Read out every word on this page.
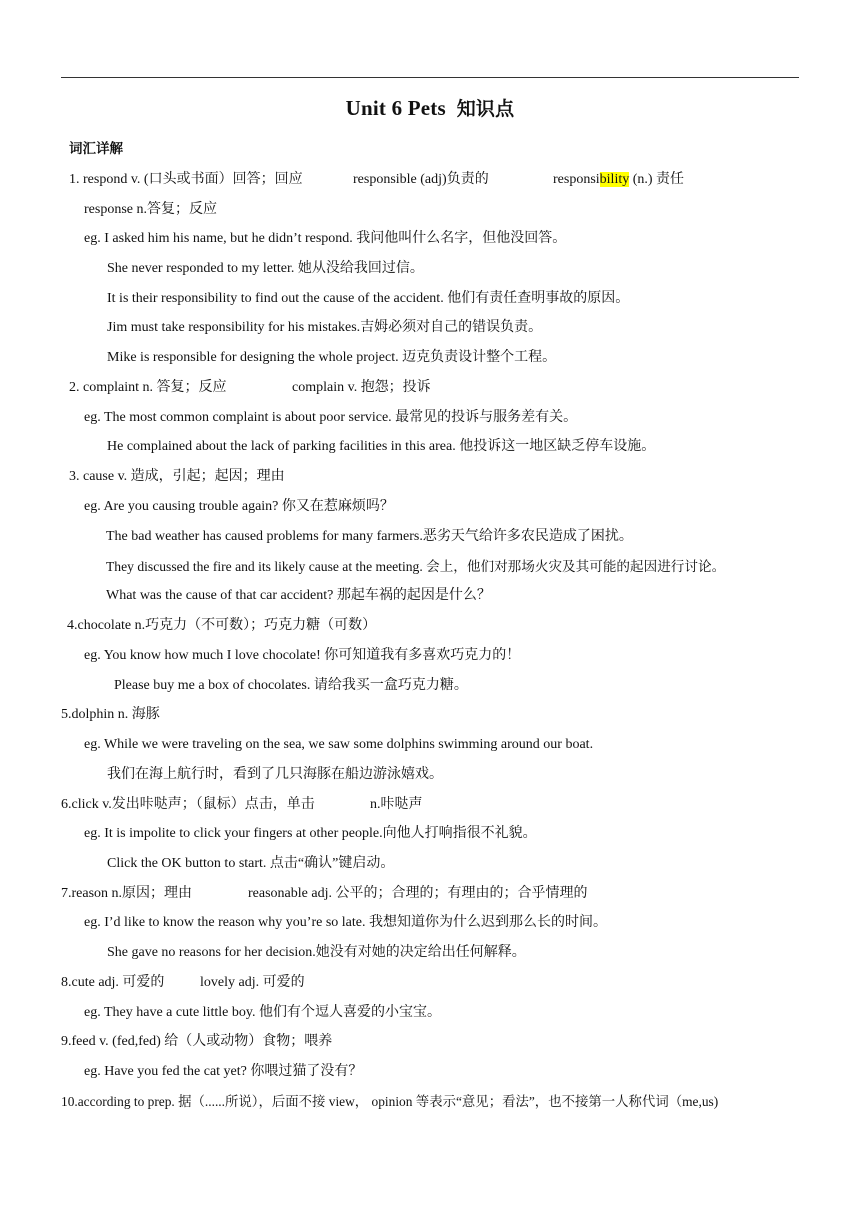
Unit 6 Pets 知识点
词汇详解
1. respond v. (口头或书面）回答；回应	responsible (adj)负责的	responsibility (n.) 责任
response n.答复；反应
eg. I asked him his name, but he didn’t respond. 我问他叫什么名字，但他没回答。
She never responded to my letter. 她从没给我回过信。
It is their responsibility to find out the cause of the accident. 他们有责任查明事故的原因。
Jim must take responsibility for his mistakes.吉姆必须对自己的错误负责。
Mike is responsible for designing the whole project. 迈克负责设计整个工程。
2. complaint n. 答复；反应	complain v. 抱怨；投诉
eg. The most common complaint is about poor service. 最常见的投诉与服务差有关。
He complained about the lack of parking facilities in this area. 他投诉这一地区缺乏停车设施。
3. cause v. 造成，引起；起因；理由
eg. Are you causing trouble again? 你又在惹麻烦吗？
The bad weather has caused problems for many farmers.恶劣天气给许多农民造成了困扰。
They discussed the fire and its likely cause at the meeting. 会上，他们对那场火灾及其可能的起因进行讨论。
What was the cause of that car accident? 那起车祸的起因是什么？
4.chocolate n.巧克力（不可数）；巧克力糖（可数）
eg. You know how much I love chocolate! 你可知道我有多喜欢巧克力的！
Please buy me a box of chocolates. 请给我买一盒巧克力糖。
5.dolphin n. 海豚
eg. While we were traveling on the sea, we saw some dolphins swimming around our boat.
我们在海上航行时，看到了几只海豚在船边游泳嬉戏。
6.click v.发出咔哒声；（鼠标）点击，单击	n.咔哒声
eg. It is impolite to click your fingers at other people.向他人打响指很不礼貌。
Click the OK button to start. 点击“确认”键启动。
7.reason n.原因；理由	reasonable adj. 公平的；合理的；有理由的；合乎情理的
eg. I’d like to know the reason why you’re so late. 我想知道你为什么迟到那么长的时间。
She gave no reasons for her decision.她没有对她的决定给出任何解释。
8.cute adj. 可爱的	lovely adj. 可爱的
eg. They have a cute little boy. 他们有个逗人喜爱的小宝宝。
9.feed v. (fed,fed) 给（人或动物）食物；喂养
eg. Have you fed the cat yet? 你喂过猫了没有？
10.according to prep. 据（......所说），后面不接 view， opinion 等表示“意见；看法”，也不接第一人称代词（me,us)
